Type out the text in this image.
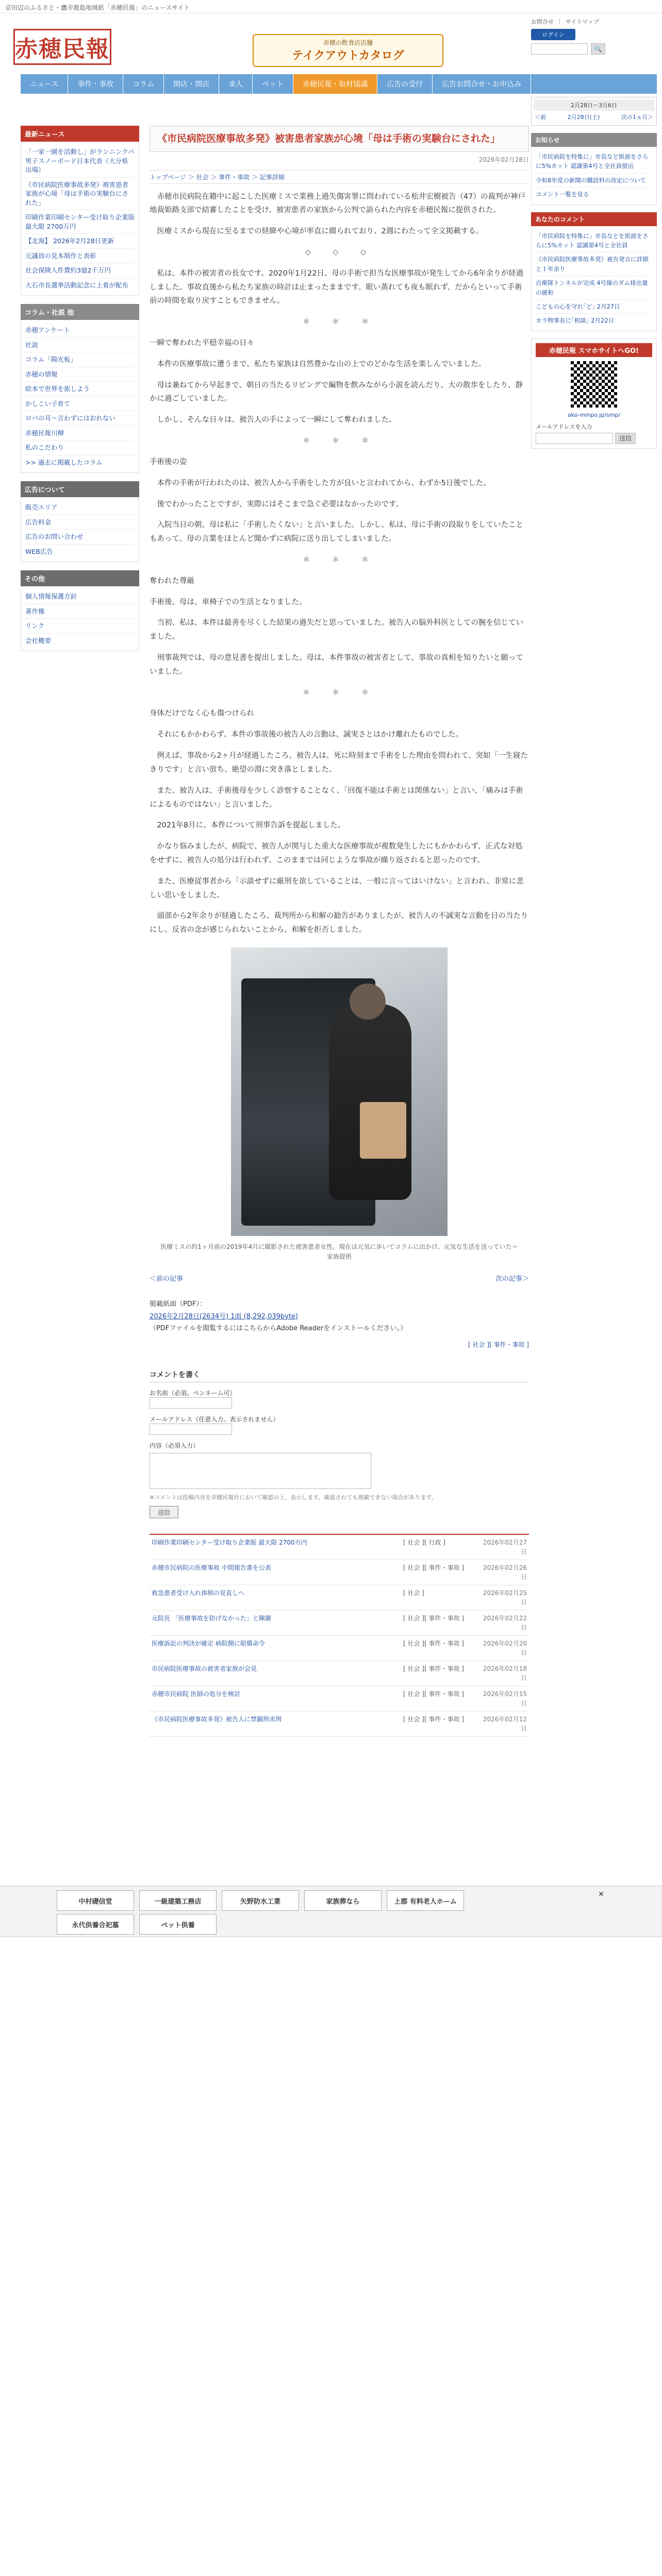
京田辺のふるさと・鷹市鹿島地域紙「赤穂民報」のニュースサイト
赤穂民報	赤穂の飲食店店舗
テイクアウトカタログ
お問合せ ｜ サイトマップ
ログイン
🔍
ニュース	事件・事故	コラム	開店・閉店	求人	ペット	赤穂民報・取材協議	広告の受付	広告お問合せ・お申込み
最新ニュース
「一家一園を活動し」がランニンクパ男子スノーボード日本代表（大分県出場）
《市民病院医療事故多発》被害患者家族が心境「母は手術の実験台にされた」
印刷作業印刷センター受け取り企業版 最大限 2700万円
【北海】 2026年2月28日更新
元議員の見本制作と表彰
社会保険人件費約3億2千万円
大石市長選挙活動記念に上着が配布
コラム・社説 他
赤穂アンケート
社説
コラム「陽光板」
赤穂の情報
絵本で世界を旅しよう
かしこい子育て
ロバの耳〜言わずにはおれない
赤穂民報川柳
私のこだわり
>> 過去に掲載したコラム
広告について
販売エリア
広告料金
広告のお問い合わせ
WEB広告
その他
個人情報保護方針
著作権
リンク
会社概要
《市民病院医療事故多発》被害患者家族が心境「母は手術の実験台にされた」
2026年02月28日
トップページ ＞ 社会 ＞ 事件・事故 ＞ 記事詳細

赤穂市民病院在籍中に起こした医療ミスで業務上過失傷害罪に問われている松井宏樹被告（47）の裁判が神戸地裁姫路支部で結審したことを受け、被害患者の家族から公判で語られた内容を赤穂民報に提供された。

医療ミスから現在に至るまでの経緯や心境が率直に綴られており、2週にわたって全文掲載する。

◇　◇　◇

私は、本件の被害者の長女です。2020年1月22日、母の手術で担当な医療事故が発生してから6年余りが経過しました。事故直後から私たち家族の時計は止まったままです。眠い蒸れても夜も眠れず、だからといって手術前の時間を取り戻すこともできません。

＊　＊　＊

一瞬で奪われた平穏幸福の日々

本件の医療事故に遭うまで、私たち家族は自然豊かな山の上でのどかな生活を楽しんでいました。

母は兼ねてから早起きで、朝日の当たるリビングで編物を飲みながら小説を読んだり、大の散歩をしたり、静かに過ごしていました。

しかし、そんな日々は、被告人の手によって一瞬にして奪われました。

＊　＊　＊

手術後の姿

本件の手術が行われたのは、被告人から手術をした方が良いと言われてから、わずか5日後でした。

後でわかったことですが、実際にはそこまで急ぐ必要はなかったのです。

入院当日の朝、母は私に「手術したくない」と言いました。しかし、私は、母に手術の段取りをしていたこともあって、母の言葉をほとんど聞かずに病院に送り出してしまいました。

＊　＊　＊

奪われた尊厳

手術後、母は、車椅子での生活となりました。

当初、私は、本件は最善を尽くした結果の過失だと思っていました。被告人の脳外科医としての腕を信じていました。

刑事裁判では、母の意見書を提出しました。母は、本件事故の被害者として、事故の真相を知りたいと願っていました。

＊　＊　＊

身体だけでなく心も傷つけられ

それにもかかわらず、本件の事故後の被告人の言動は、誠実さとはかけ離れたものでした。

例えば、事故から2ヶ月が経過したころ、被告人は、死に時刻まで手術をした理由を問われて、突如「一生寝たきりです」と言い放ち、絶望の淵に突き落としました。

また、被告人は、手術後母を少しく診察することなく、「回復不能は手術とは関係ない」と言い、「痛みは手術によるものではない」と言いました。

2021年8月に、本件について刑事告訴を提起しました。

かなり悩みましたが、病院で、被告人が関与した重大な医療事故が複数発生したにもかかわらず、正式な対処をせずに、被告人の処分は行われず、このままでは同じような事故が繰り返されると思ったのです。

また、医療従事者から「示談せずに厳刑を欲していることは、一般に言ってはいけない」と言われ、非常に悲しい思いをしました。

頭部から2年余りが経過したころ、裁判所から和解の勧告がありましたが、被告人の不誠実な言動を目の当たりにし、反省の念が感じられないことから、和解を拒否しました。

医療ミスの約1ヶ月前の2019年4月に撮影された被害患者女性。現在は元気に歩いてコラムに出かけ、元気な生活を送っていた＝家族提供
＜前の記事	次の記事＞
掲載紙面（PDF）：
2026年2月28日(2634号) 1面 (8,292,039byte)
（PDFファイルを閲覧するにはこちらからAdobe Readerをインストールください。）
[ 社会 ][ 事件・事故 ]
コメントを書く
お名前（必須。ペンネーム可）
メールアドレス（任意入力。表示されません）
内容（必須入力）
※コメントは投稿内容を赤穂民報社において確認の上、表示します。確認されても掲載できない場合があります。
送信
印刷作業印刷センター受け取り企業版 最大限 2700万円	[ 社会 ][ 行政 ]	2026年02月27日
赤穂市民病院の医療事故 中間報告書を公表	[ 社会 ][ 事件・事故 ]	2026年02月26日
救急患者受け入れ体制の見直しへ	[ 社会 ]	2026年02月25日
元院長 「医療事故を防げなかった」と陳謝	[ 社会 ][ 事件・事故 ]	2026年02月22日
医療訴訟の判決が確定 病院側に賠償命令	[ 社会 ][ 事件・事故 ]	2026年02月20日
市民病院医療事故の被害者家族が会見	[ 社会 ][ 事件・事故 ]	2026年02月18日
赤穂市民病院 医師の処分を検討	[ 社会 ][ 事件・事故 ]	2026年02月15日
《市民病院医療事故多発》被告人に禁錮刑求刑	[ 社会 ][ 事件・事故 ]	2026年02月12日
2月28日〜3月6日
＜前	2月28日(土)	次の1ヵ月＞
お知らせ
「市民病院を特集に」市長など紙面をさらに5%カット 認識第4号と全社員提出
令和8年度の新聞の購読料の改定について
コメント一覧を見る
あなたのコメント
「市民病院を特集に」市長などを紙面をさらに5%カット 認識第4号と全社員
《市民病院医療事故多発》被告発言に詳細と１年余り
自衛隊トンネルが完成 4号線のダム排出量の緩和
こどもの心を守れ｢ど｣ 2月27日
カラ物事長に｢相談｣ 2月22日
赤穂民報 スマホサイトへGO!
ako-minpo.jp/smp/
メールアドレスを入力
送信
✕
中村礎信堂	一級建築工務店	矢野防水工業	家族葬なら	上郡 有料老人ホーム
永代供養合祀墓	ペット供養
